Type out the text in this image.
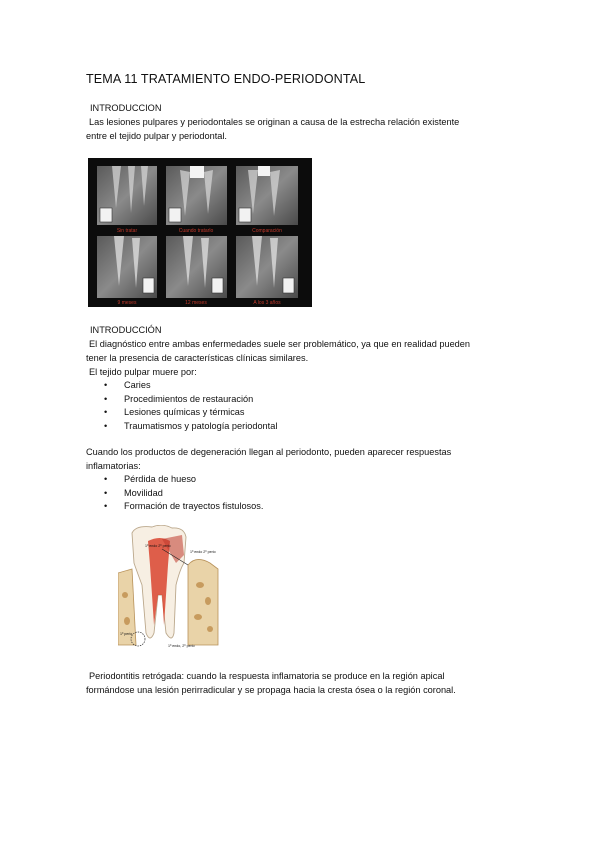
TEMA 11 TRATAMIENTO ENDO-PERIODONTAL
INTRODUCCION
Las lesiones pulpares y periodontales se originan a causa de la estrecha relación existente
entre el tejido pulpar y periodontal.
Sin tratar	Cuando tratarlo	Comparación
9 meses	12 meses	A los 3 años
INTRODUCCIÓN
El diagnóstico entre ambas enfermedades suele ser problemático, ya que en realidad pueden
tener la presencia de características clínicas similares.
El tejido pulpar muere por:
• Caries
• Procedimientos de restauración
• Lesiones químicas y térmicas
• Traumatismos y patología periodontal
Cuando los productos de degeneración llegan al periodonto, pueden aparecer respuestas
inflamatorias:
• Pérdida de hueso
• Movilidad
• Formación de trayectos fistulosos.
1º endo 2º perio
1º endo 2º perio
1º perio
1º endo, 2º perio
Periodontitis retrógada: cuando la respuesta inflamatoria se produce en la región apical
formándose una lesión perirradicular y se propaga hacia la cresta ósea o la región coronal.
